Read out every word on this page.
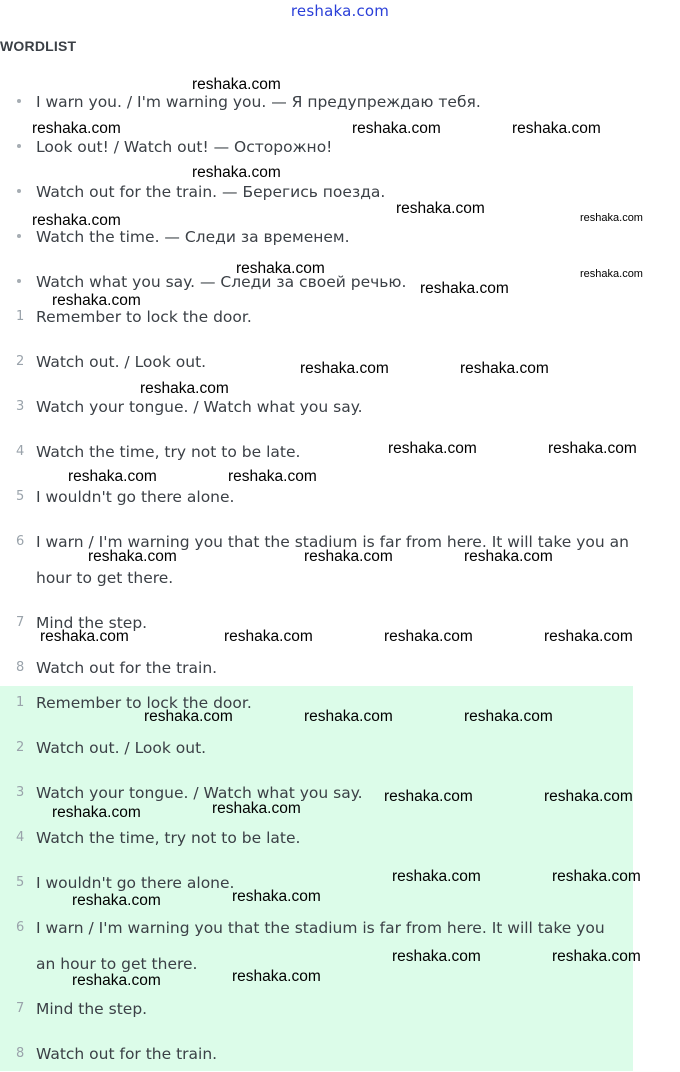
reshaka.com
WORDLIST
I warn you. / I'm warning you. — Я предупреждаю тебя.
Look out! / Watch out! — Осторожно!
Watch out for the train. — Берегись поезда.
Watch the time. — Следи за временем.
Watch what you say. — Следи за своей речью.
1 Remember to lock the door.
2 Watch out. / Look out.
3 Watch your tongue. / Watch what you say.
4 Watch the time, try not to be late.
5 I wouldn't go there alone.
6 I warn / I'm warning you that the stadium is far from here. It will take you an
hour to get there.
7 Mind the step.
8 Watch out for the train.
1 Remember to lock the door.
2 Watch out. / Look out.
3 Watch your tongue. / Watch what you say.
4 Watch the time, try not to be late.
5 I wouldn't go there alone.
6 I warn / I'm warning you that the stadium is far from here. It will take you
an hour to get there.
7 Mind the step.
8 Watch out for the train.
reshaka.com
reshaka.com	reshaka.com	reshaka.com
reshaka.com
reshaka.com
reshaka.com
reshaka.com
reshaka.com	reshaka.com
reshaka.com
reshaka.com
reshaka.com	reshaka.com
reshaka.com
reshaka.com	reshaka.com
reshaka.com	reshaka.com
reshaka.com	reshaka.com	reshaka.com
reshaka.com	reshaka.com	reshaka.com	reshaka.com
reshaka.com	reshaka.com	reshaka.com
reshaka.com	reshaka.com
reshaka.com
reshaka.com
reshaka.com	reshaka.com
reshaka.com
reshaka.com
reshaka.com	reshaka.com
reshaka.com
reshaka.com
